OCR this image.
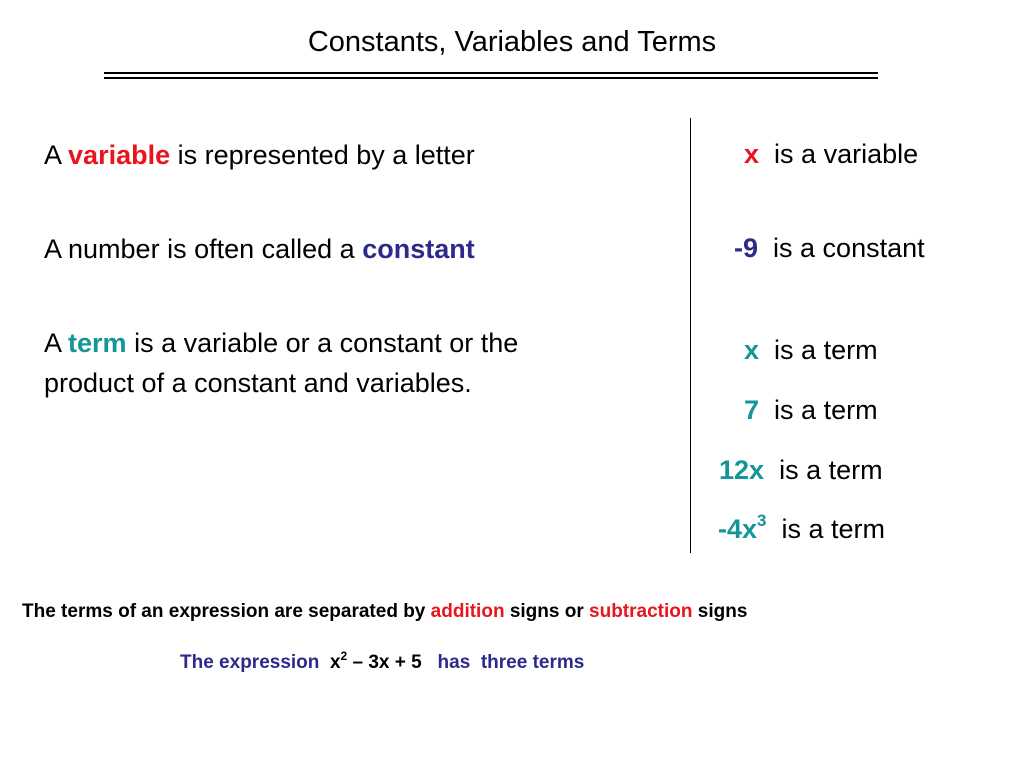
Constants, Variables and Terms
A variable is represented by a letter
A number is often called a constant
A term is a variable or a constant or the
product of a constant and variables.
x is a variable
-9 is a constant
x is a term
7 is a term
12x is a term
$-4x^3$ is a term
The terms of an expression are separated by addition signs or subtraction signs
The expression $x^2 - 3x + 5$ has three terms
